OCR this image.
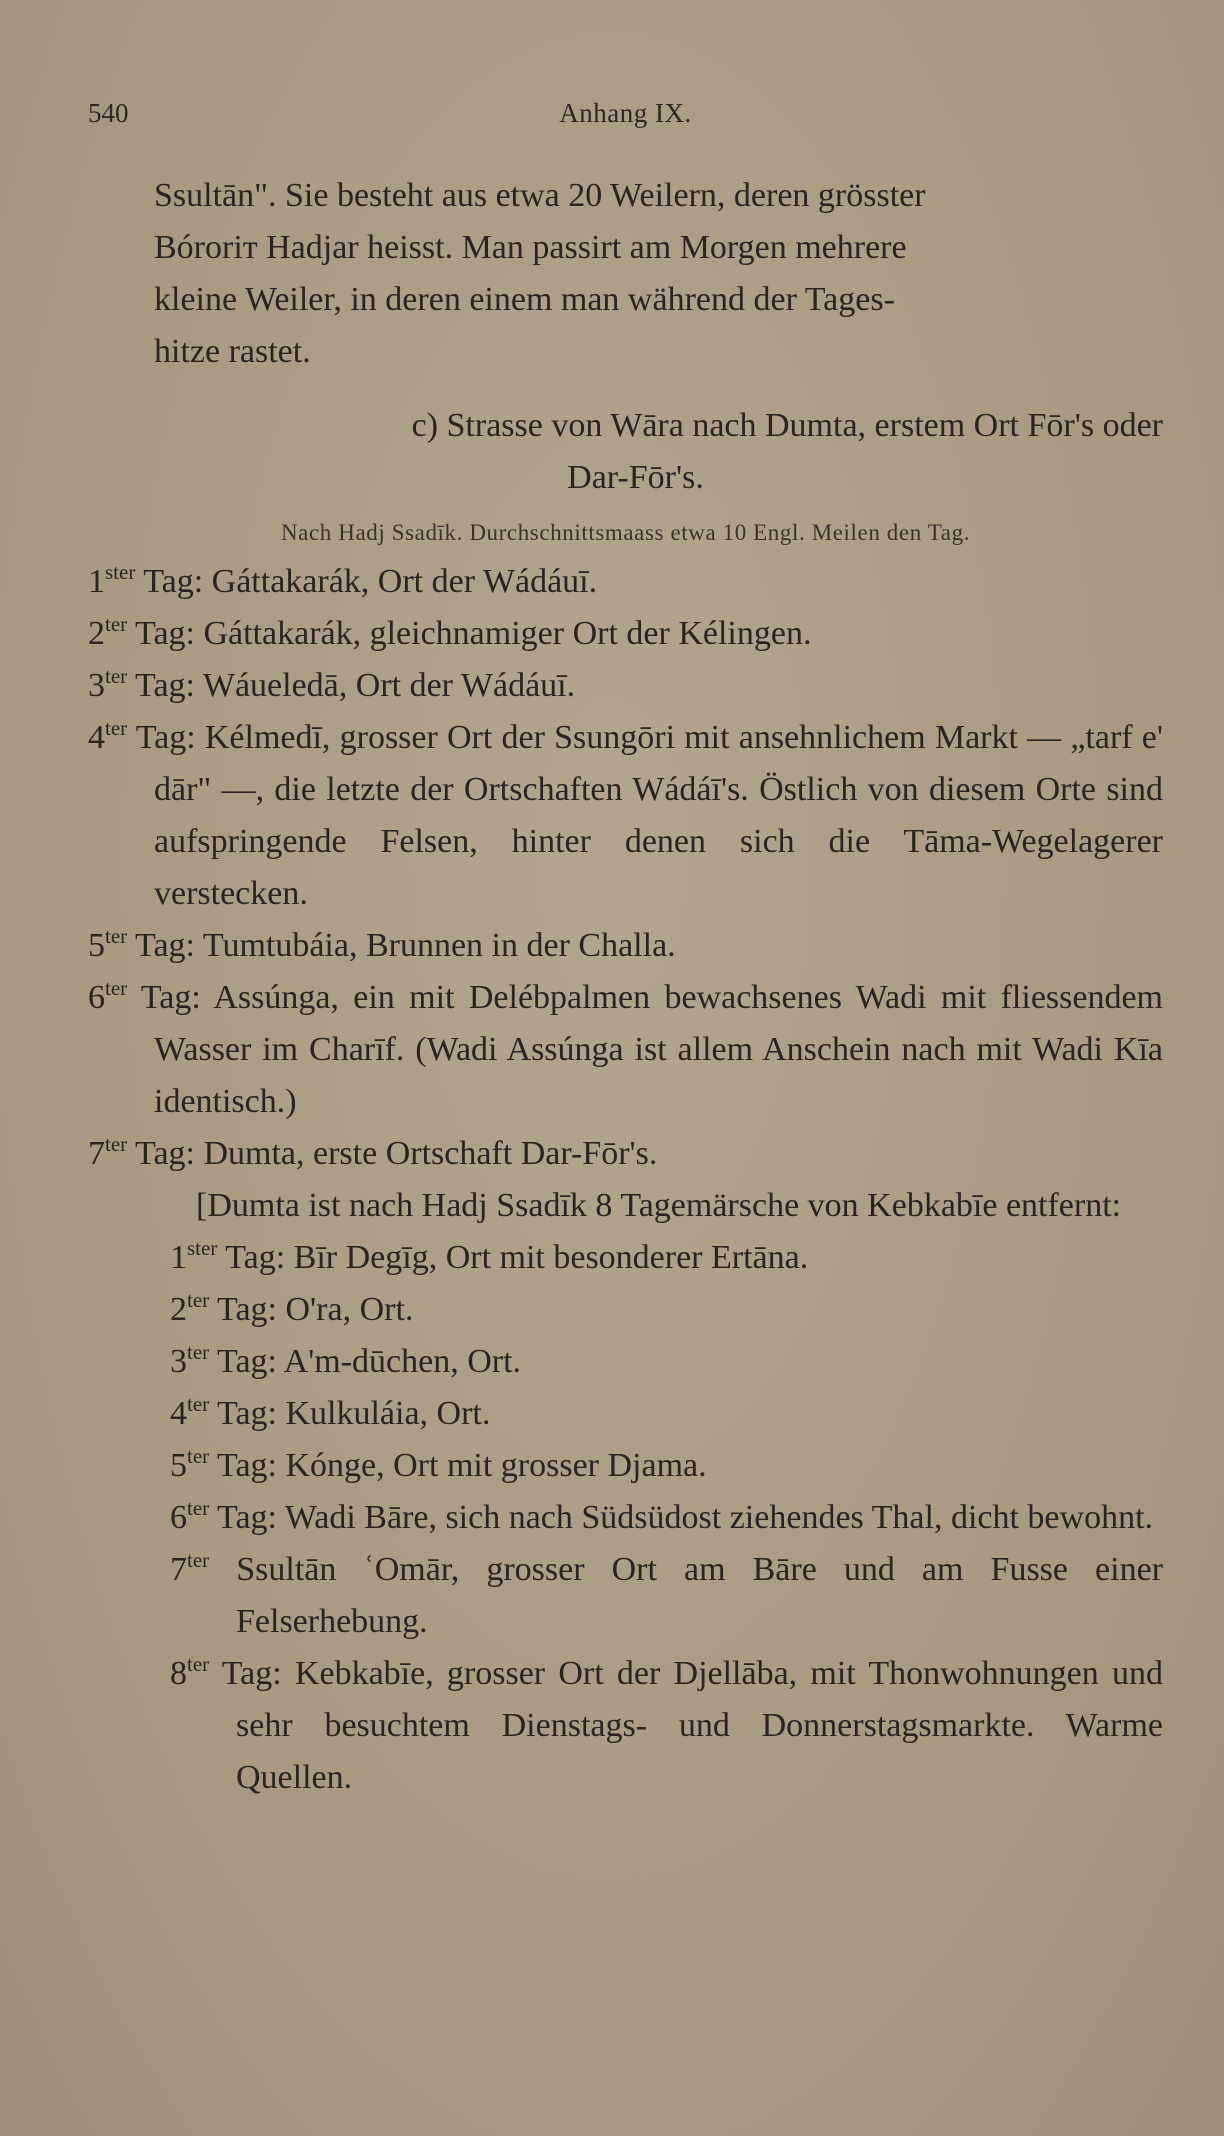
540	Anhang IX.

Ssultān". Sie besteht aus etwa 20 Weilern, deren grösster

Bóroriт Hadjar heisst. Man passirt am Morgen mehrere

kleine Weiler, in deren einem man während der Tages-

hitze rastet.

c) Strasse von Wāra nach Dumta, erstem Ort Fōr's oder

Dar-Fōr's.

Nach Hadj Ssadīk. Durchschnittsmaass etwa 10 Engl. Meilen den Tag.

$1^{ster}$ Tag: Gáttakarák, Ort der Wádáuī.

$2^{ter}$ Tag: Gáttakarák, gleichnamiger Ort der Kélingen.

$3^{ter}$ Tag: Wáueledā, Ort der Wádáuī.

$4^{ter}$ Tag: Kélmedī, grosser Ort der Ssungōri mit ansehnlichem Markt — „tarf e' dār" —, die letzte der Ortschaften Wádáī's. Östlich von diesem Orte sind aufspringende Felsen, hinter denen sich die Tāma-Wegelagerer verstecken.

$5^{ter}$ Tag: Tumtubáia, Brunnen in der Challa.

$6^{ter}$ Tag: Assúnga, ein mit Delébpalmen bewachsenes Wadi mit fliessendem Wasser im Charīf. (Wadi Assúnga ist allem Anschein nach mit Wadi Kīa identisch.)

$7^{ter}$ Tag: Dumta, erste Ortschaft Dar-Fōr's.

[Dumta ist nach Hadj Ssadīk 8 Tagemärsche von Kebkabīe entfernt:

$1^{ster}$ Tag: Bīr Degīg, Ort mit besonderer Ertāna.

$2^{ter}$ Tag: O'ra, Ort.

$3^{ter}$ Tag: A'm-dūchen, Ort.

$4^{ter}$ Tag: Kulkuláia, Ort.

$5^{ter}$ Tag: Kónge, Ort mit grosser Djama.

$6^{ter}$ Tag: Wadi Bāre, sich nach Südsüdost ziehendes Thal, dicht bewohnt.

$7^{ter}$ Ssultān ʿOmār, grosser Ort am Bāre und am Fusse einer Felserhebung.

$8^{ter}$ Tag: Kebkabīe, grosser Ort der Djellāba, mit Thonwohnungen und sehr besuchtem Dienstags- und Donnerstagsmarkte. Warme Quellen.
